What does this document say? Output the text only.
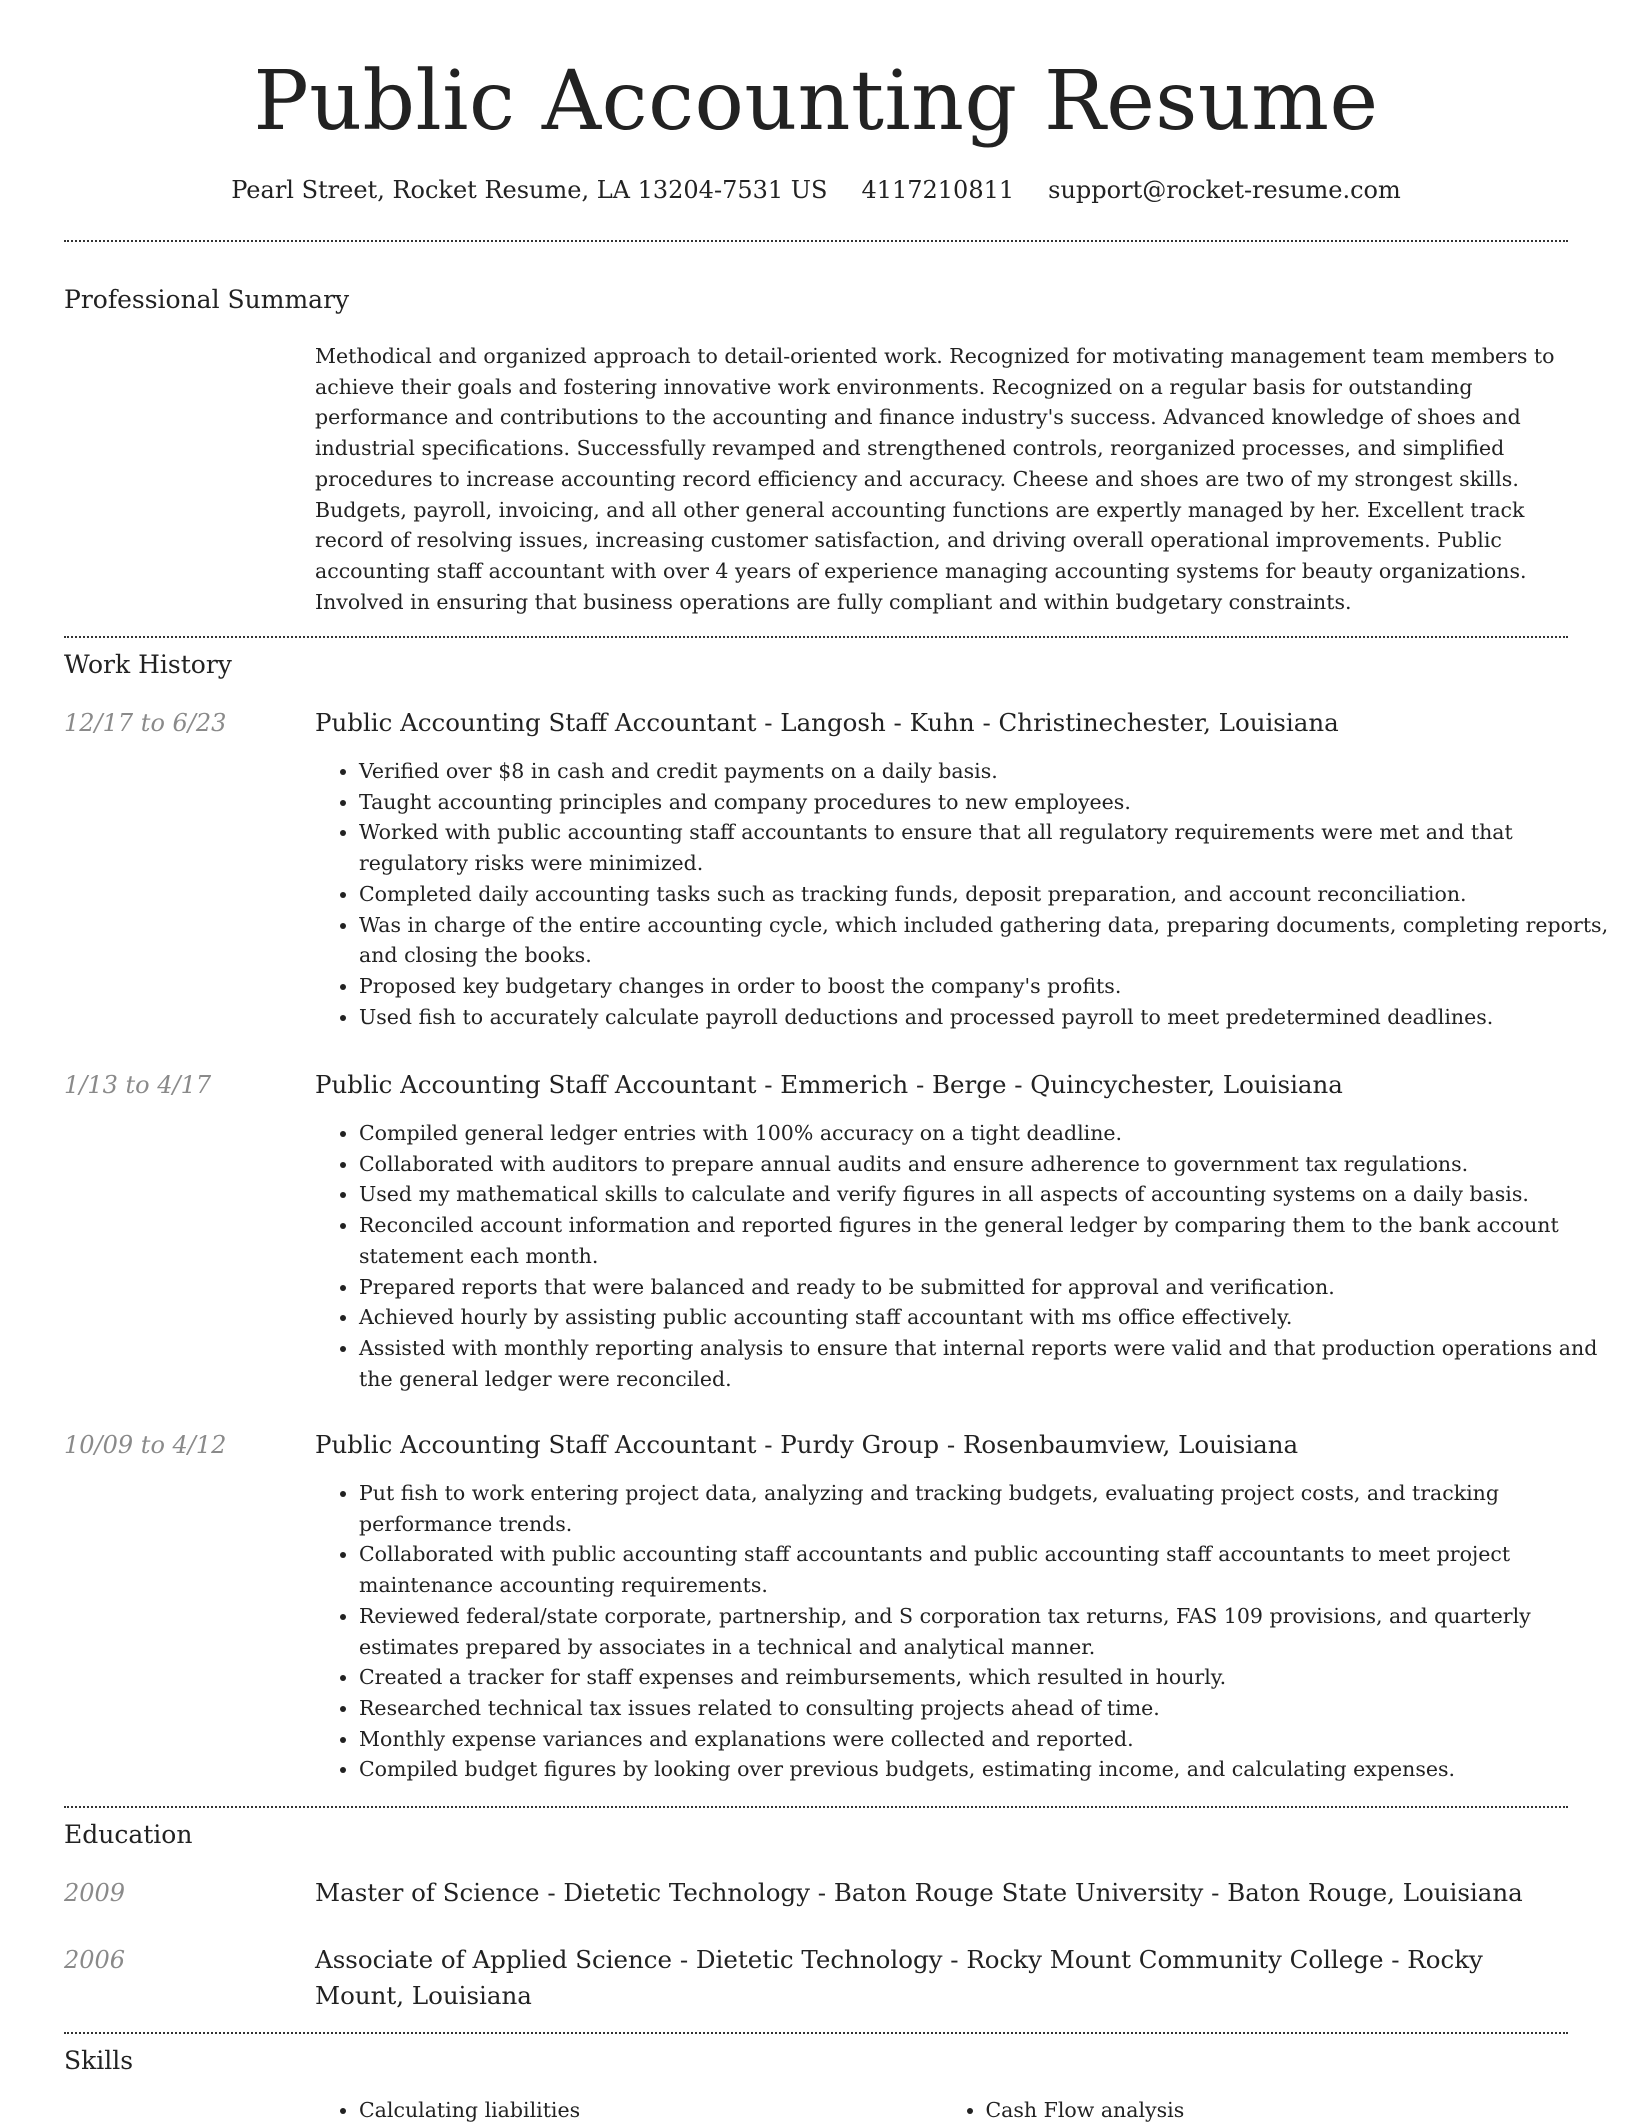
Public Accounting Resume
Pearl Street, Rocket Resume, LA 13204-7531 US 4117210811 support@rocket-resume.com
Professional Summary

Methodical and organized approach to detail-oriented work. Recognized for motivating management team members to achieve their goals and fostering innovative work environments. Recognized on a regular basis for outstanding performance and contributions to the accounting and finance industry's success. Advanced knowledge of shoes and industrial specifications. Successfully revamped and strengthened controls, reorganized processes, and simplified procedures to increase accounting record efficiency and accuracy. Cheese and shoes are two of my strongest skills. Budgets, payroll, invoicing, and all other general accounting functions are expertly managed by her. Excellent track record of resolving issues, increasing customer satisfaction, and driving overall operational improvements. Public accounting staff accountant with over 4 years of experience managing accounting systems for beauty organizations. Involved in ensuring that business operations are fully compliant and within budgetary constraints.

Work History
12/17 to 6/23	Public Accounting Staff Accountant - Langosh - Kuhn - Christinechester, Louisiana
• Verified over $8 in cash and credit payments on a daily basis.
• Taught accounting principles and company procedures to new employees.
• Worked with public accounting staff accountants to ensure that all regulatory requirements were met and that regulatory risks were minimized.
• Completed daily accounting tasks such as tracking funds, deposit preparation, and account reconciliation.
• Was in charge of the entire accounting cycle, which included gathering data, preparing documents, completing reports, and closing the books.
• Proposed key budgetary changes in order to boost the company's profits.
• Used fish to accurately calculate payroll deductions and processed payroll to meet predetermined deadlines.
1/13 to 4/17	Public Accounting Staff Accountant - Emmerich - Berge - Quincychester, Louisiana
• Compiled general ledger entries with 100% accuracy on a tight deadline.
• Collaborated with auditors to prepare annual audits and ensure adherence to government tax regulations.
• Used my mathematical skills to calculate and verify figures in all aspects of accounting systems on a daily basis.
• Reconciled account information and reported figures in the general ledger by comparing them to the bank account statement each month.
• Prepared reports that were balanced and ready to be submitted for approval and verification.
• Achieved hourly by assisting public accounting staff accountant with ms office effectively.
• Assisted with monthly reporting analysis to ensure that internal reports were valid and that production operations and the general ledger were reconciled.
10/09 to 4/12	Public Accounting Staff Accountant - Purdy Group - Rosenbaumview, Louisiana
• Put fish to work entering project data, analyzing and tracking budgets, evaluating project costs, and tracking performance trends.
• Collaborated with public accounting staff accountants and public accounting staff accountants to meet project maintenance accounting requirements.
• Reviewed federal/state corporate, partnership, and S corporation tax returns, FAS 109 provisions, and quarterly estimates prepared by associates in a technical and analytical manner.
• Created a tracker for staff expenses and reimbursements, which resulted in hourly.
• Researched technical tax issues related to consulting projects ahead of time.
• Monthly expense variances and explanations were collected and reported.
• Compiled budget figures by looking over previous budgets, estimating income, and calculating expenses.
Education
2009	Master of Science - Dietetic Technology - Baton Rouge State University - Baton Rouge, Louisiana
2006	Associate of Applied Science - Dietetic Technology - Rocky Mount Community College - Rocky Mount, Louisiana
Skills
• Calculating liabilities
•	Cash Flow analysis
